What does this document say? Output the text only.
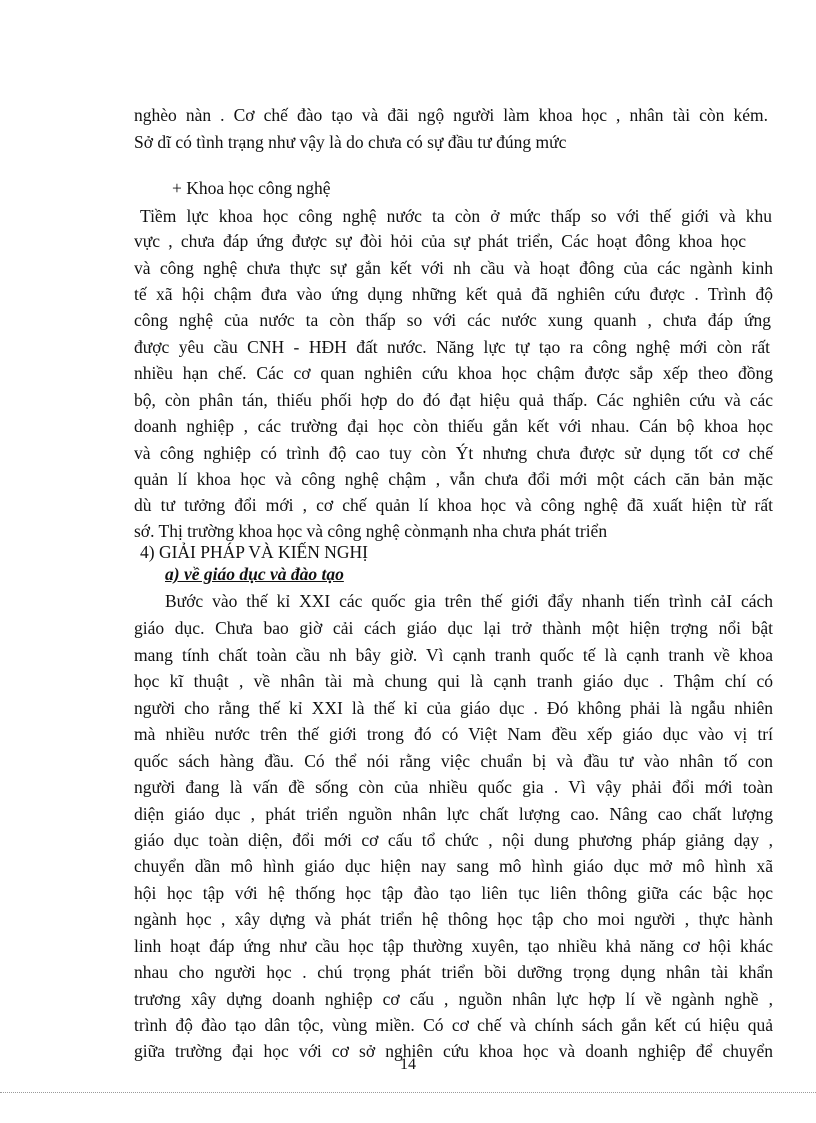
nghèo nàn . Cơ chế đào tạo và đãi ngộ người làm khoa học , nhân tài còn kém.
Sở dĩ có tình trạng như vậy là do chưa có sự đầu tư đúng mức
+ Khoa học công nghệ
Tiềm lực khoa học công nghệ nước ta còn ở mức thấp so với thế giới và khu
vực , chưa đáp ứng được sự đòi hỏi của sự phát triển, Các hoạt đông khoa học
và công nghệ chưa thực sự gắn kết với nh cầu và hoạt đông của các ngành kinh
tế xã hội chậm đưa vào ứng dụng những kết quả đã nghiên cứu được . Trình độ
công nghệ của nước ta còn thấp so với các nước xung quanh , chưa đáp ứng
được yêu cầu CNH - HĐH đất nước. Năng lực tự tạo ra công nghệ mới còn rất
nhiều hạn chế. Các cơ quan nghiên cứu khoa học chậm được sắp xếp theo đồng
bộ, còn phân tán, thiếu phối hợp do đó đạt hiệu quả thấp. Các nghiên cứu và các
doanh nghiệp , các trường đại học còn thiếu gắn kết với nhau. Cán bộ khoa học
và công nghiệp có trình độ cao tuy còn Ýt nhưng chưa được sử dụng tốt cơ chế
quản lí khoa học và công nghệ chậm , vẫn chưa đổi mới một cách căn bản mặc
dù tư tưởng đổi mới , cơ chế quản lí khoa học và công nghệ đã xuất hiện từ rất
sớ. Thị trường khoa học và công nghệ cònmạnh nha chưa phát triển
4) GIẢI PHÁP VÀ KIẾN NGHỊ
a) về giáo dục và đào tạo
Bước vào thế kỉ XXI các quốc gia trên thế giới đẩy nhanh tiến trình cảI cách
giáo dục. Chưa bao giờ cải cách giáo dục lại trở thành một hiện trợng nổi bật
mang tính chất toàn cầu nh bây giờ. Vì cạnh tranh quốc tế là cạnh tranh về khoa
học kĩ thuật , về nhân tài mà chung qui là cạnh tranh giáo dục . Thậm chí có
người cho rằng thế kỉ XXI là thế kỉ của giáo dục . Đó không phải là ngẫu nhiên
mà nhiều nước trên thế giới trong đó có Việt Nam đều xếp giáo dục vào vị trí
quốc sách hàng đầu. Có thể nói rằng việc chuẩn bị và đầu tư vào nhân tố con
người đang là vấn đề sống còn của nhiều quốc gia . Vì vậy phải đổi mới toàn
diện giáo dục , phát triển nguồn nhân lực chất lượng cao. Nâng cao chất lượng
giáo dục toàn diện, đổi mới cơ cấu tổ chức , nội dung phương pháp giảng dạy ,
chuyển dần mô hình giáo dục hiện nay sang mô hình giáo dục mở mô hình xã
hội học tập với hệ thống học tập đào tạo liên tục liên thông giữa các bậc học
ngành học , xây dựng và phát triển hệ thông học tập cho moi người , thực hành
linh hoạt đáp ứng như cầu học tập thường xuyên, tạo nhiều khả năng cơ hội khác
nhau cho người học . chú trọng phát triển bồi dưỡng trọng dụng nhân tài khẩn
trương xây dựng doanh nghiệp cơ cấu , nguồn nhân lực hợp lí về ngành nghề ,
trình độ đào tạo dân tộc, vùng miền. Có cơ chế và chính sách gắn kết cú hiệu quả
giữa trường đại học với cơ sở nghiên cứu khoa học và doanh nghiệp để chuyển
14
